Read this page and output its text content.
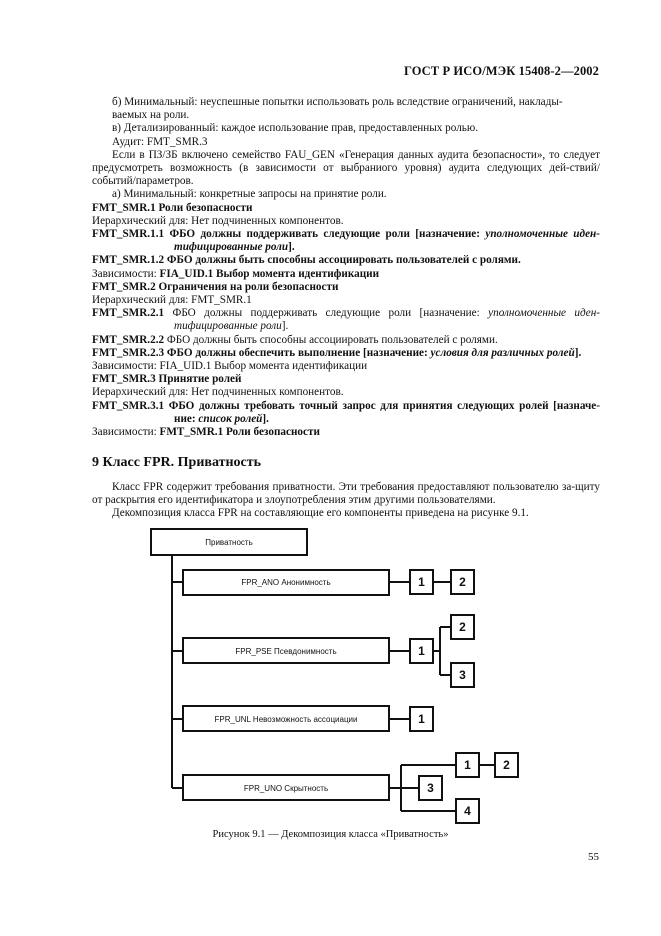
ГОСТ Р ИСО/МЭК 15408-2—2002

б) Минимальный: неуспешные попытки использовать роль вследствие ограничений, наклады-

ваемых на роли.

в) Детализированный: каждое использование прав, предоставленных ролью.

Аудит: FMT_SMR.3

Если в ПЗ/ЗБ включено семейство FAU_GEN «Генерация данных аудита безопасности», то следует предусмотреть возможность (в зависимости от выбраниого уровня) аудита следующих дей-ствий/событий/параметров.

а) Минимальный: конкретные запросы на принятие роли.

FMT_SMR.1 Роли безопасности

Иерархический для: Нет подчиненных компонентов.

FMT_SMR.1.1 ФБО должны поддерживать следующие роли [назначение: уполномоченные иден-тифицированные роли].

FMT_SMR.1.2 ФБО должны быть способны ассоциировать пользователей с ролями.

Зависимости: FIA_UID.1 Выбор момента идентификации

FMT_SMR.2 Ограничения на роли безопасности

Иерархический для: FMT_SMR.1

FMT_SMR.2.1 ФБО должны поддерживать следующие роли [назначение: уполномоченные иден-тифицированные роли].

FMT_SMR.2.2 ФБО должны быть способны ассоциировать пользователей с ролями.

FMT_SMR.2.3 ФБО должны обеспечить выполнение [назначение: условия для различных ролей].

Зависимости: FIA_UID.1 Выбор момента идентификации

FMT_SMR.3 Принятие ролей

Иерархический для: Нет подчиненных компонентов.

FMT_SMR.3.1 ФБО должны требовать точный запрос для принятия следующих ролей [назначе-ние: список ролей].

Зависимости: FMT_SMR.1 Роли безопасности

9 Класс FPR. Приватность

Класс FPR содержит требования приватности. Эти требования предоставляют пользователю за-щиту от раскрытия его идентификатора и злоупотребления этим другими пользователями.

Декомпозиция класса FPR на составляющие его компоненты приведена на рисунке 9.1.

Приватность
FPR_ANO Анонимность
FPR_PSE Псевдонимность
FPR_UNL Невозможность ассоциации
FPR_UNO Скрытность
1	2
1
2
3
1
1	2
3
4
Рисунок 9.1 — Декомпозиция класса «Приватность»
55
